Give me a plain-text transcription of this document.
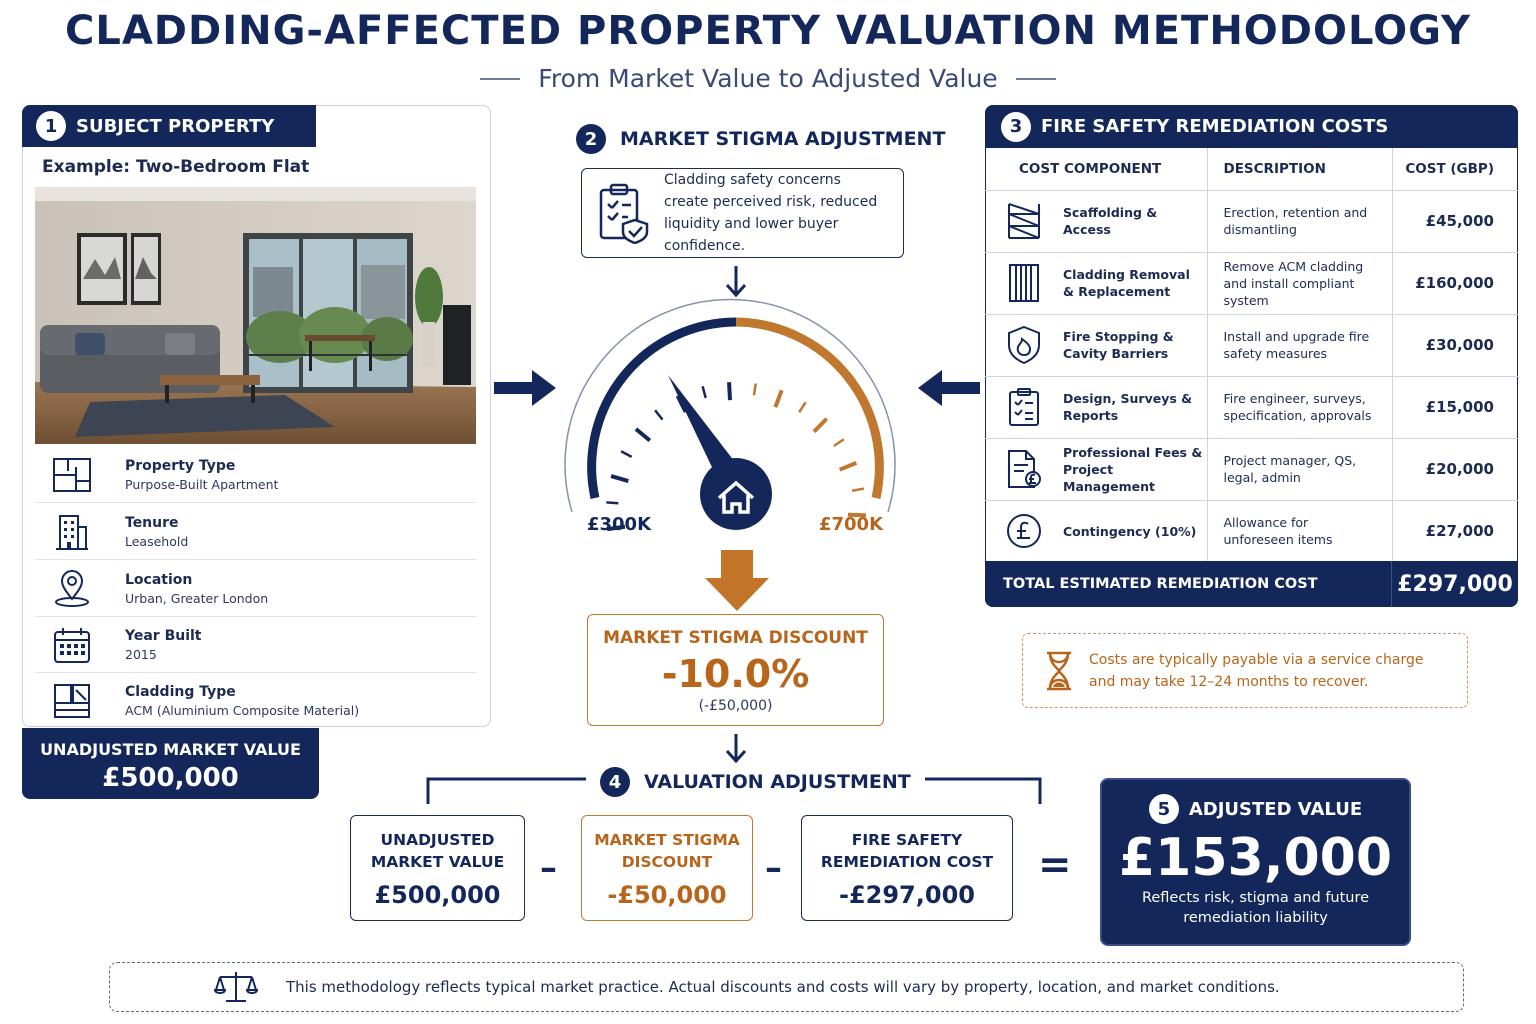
CLADDING-AFFECTED PROPERTY VALUATION METHODOLOGY
From Market Value to Adjusted Value
1	SUBJECT PROPERTY
Example: Two-Bedroom Flat
Property Type
Purpose-Built Apartment
Tenure
Leasehold
Location
Urban, Greater London
Year Built
2015
Cladding Type
ACM (Aluminium Composite Material)
UNADJUSTED MARKET VALUE
£500,000
2	MARKET STIGMA ADJUSTMENT
Cladding safety concerns create perceived risk, reduced liquidity and lower buyer confidence.
£300K	£700K
MARKET STIGMA DISCOUNT
-10.0%
(-£50,000)
3	FIRE SAFETY REMEDIATION COSTS
COST COMPONENT	DESCRIPTION	COST (GBP)

Scaffolding & Access	Erection, retention and dismantling	£45,000

Cladding Removal & Replacement	Remove ACM cladding and install compliant system	£160,000

Fire Stopping & Cavity Barriers	Install and upgrade fire safety measures	£30,000

Design, Surveys & Reports	Fire engineer, surveys, specification, approvals	£15,000

Professional Fees & Project Management	Project manager, QS, legal, admin	£20,000

Contingency (10%)	Allowance for unforeseen items	£27,000
TOTAL ESTIMATED REMEDIATION COST	£297,000
Costs are typically payable via a service charge and may take 12–24 months to recover.
4	VALUATION ADJUSTMENT
UNADJUSTED MARKET VALUE
£500,000
–
MARKET STIGMA DISCOUNT
-£50,000
–
FIRE SAFETY REMEDIATION COST
-£297,000
=
5	ADJUSTED VALUE
£153,000
Reflects risk, stigma and future remediation liability
This methodology reflects typical market practice. Actual discounts and costs will vary by property, location, and market conditions.
